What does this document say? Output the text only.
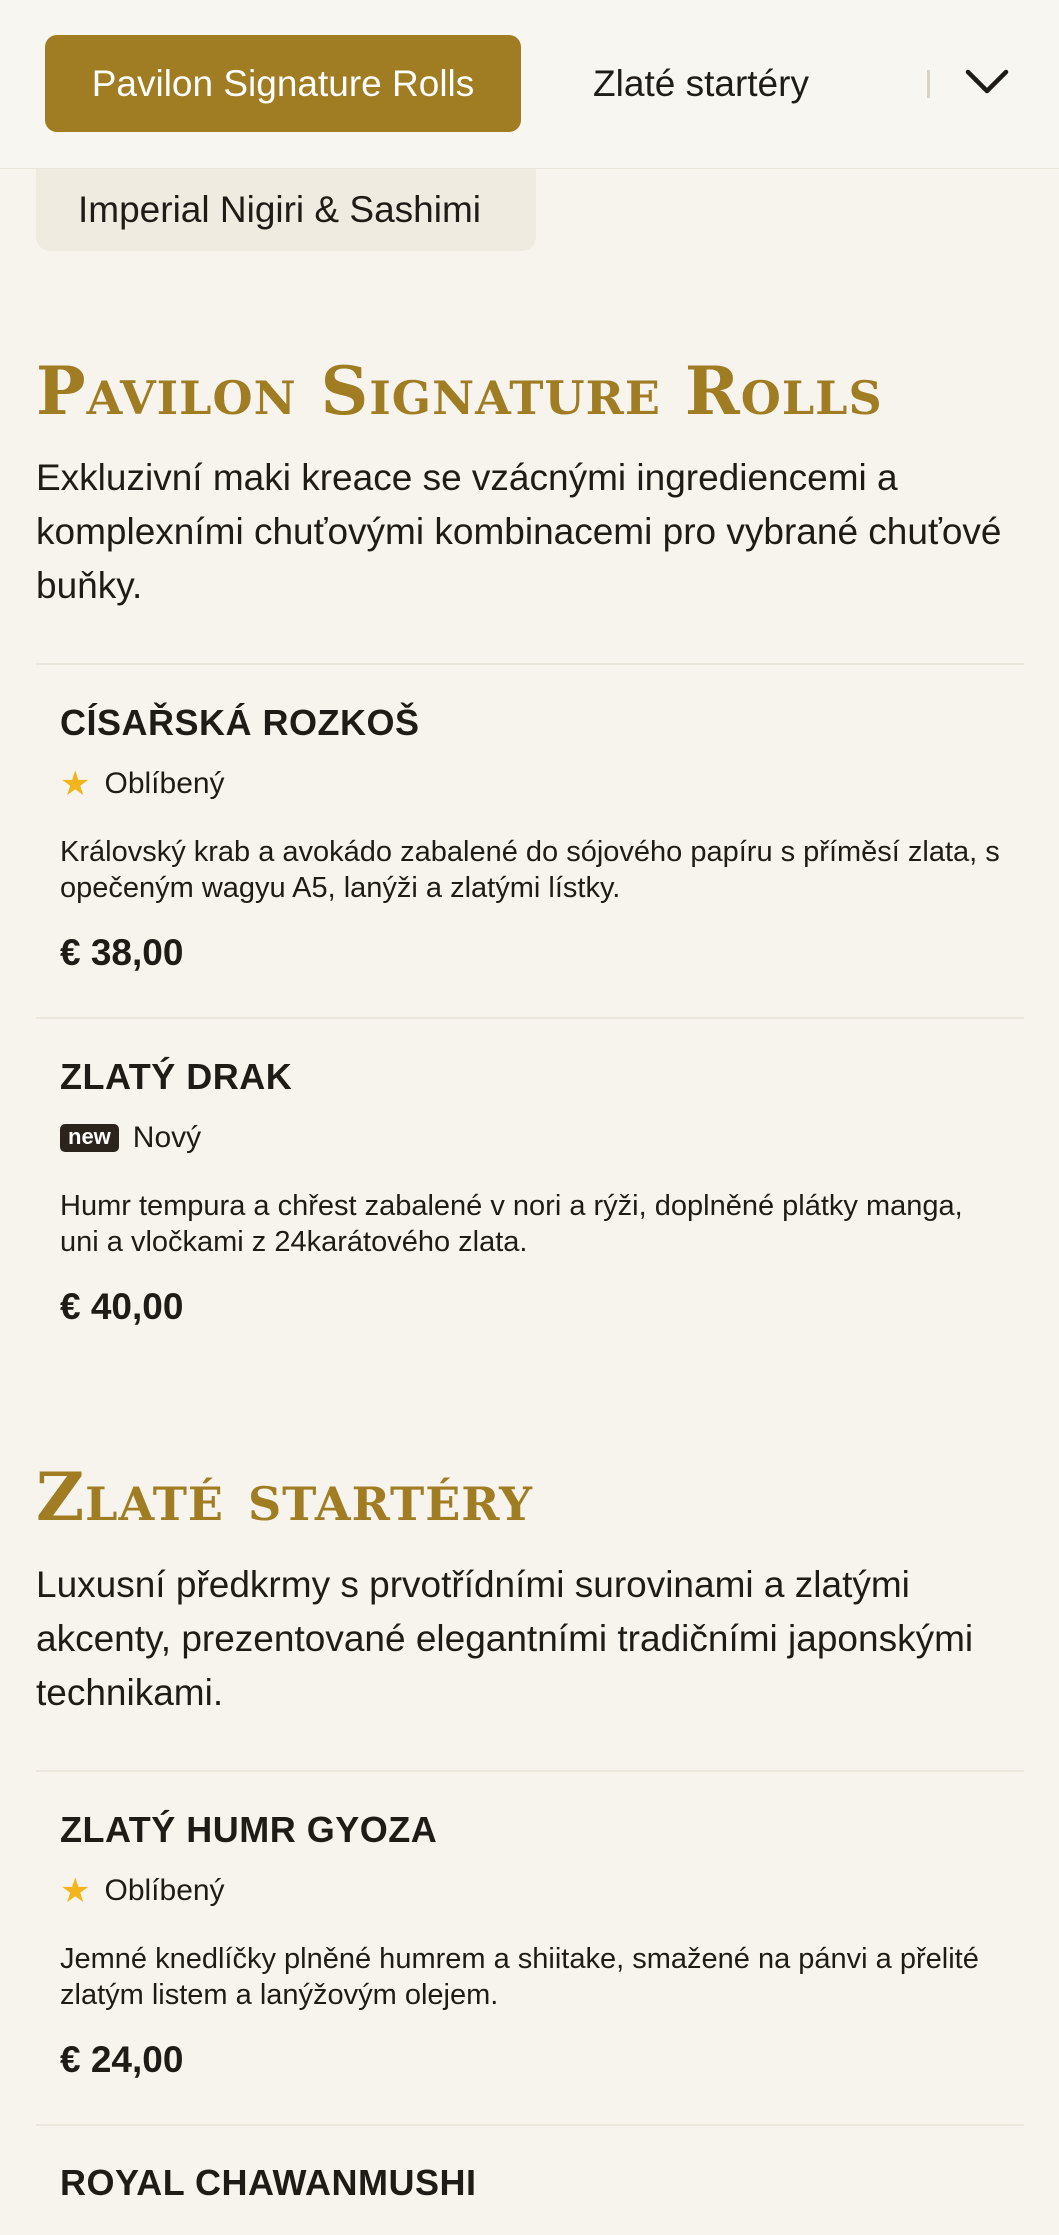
Imperial Nigiri & Sashimi
Pavilon Signature Rolls	Zlaté startéry
Pavilon Signature Rolls

Exkluzivní maki kreace se vzácnými ingrediencemi a komplexními chuťovými kombinacemi pro vybrané chuťové buňky.

CÍSAŘSKÁ ROZKOŠ
★ Oblíbený
Královský krab a avokádo zabalené do sójového papíru s příměsí zlata, s opečeným wagyu A5, lanýži a zlatými lístky.
€ 38,00
ZLATÝ DRAK
new Nový
Humr tempura a chřest zabalené v nori a rýži, doplněné plátky manga, uni a vločkami z 24karátového zlata.
€ 40,00
Zlaté startéry

Luxusní předkrmy s prvotřídními surovinami a zlatými akcenty, prezentované elegantními tradičními japonskými technikami.

ZLATÝ HUMR GYOZA
★ Oblíbený
Jemné knedlíčky plněné humrem a shiitake, smažené na pánvi a přelité zlatým listem a lanýžovým olejem.
€ 24,00
ROYAL CHAWANMUSHI
